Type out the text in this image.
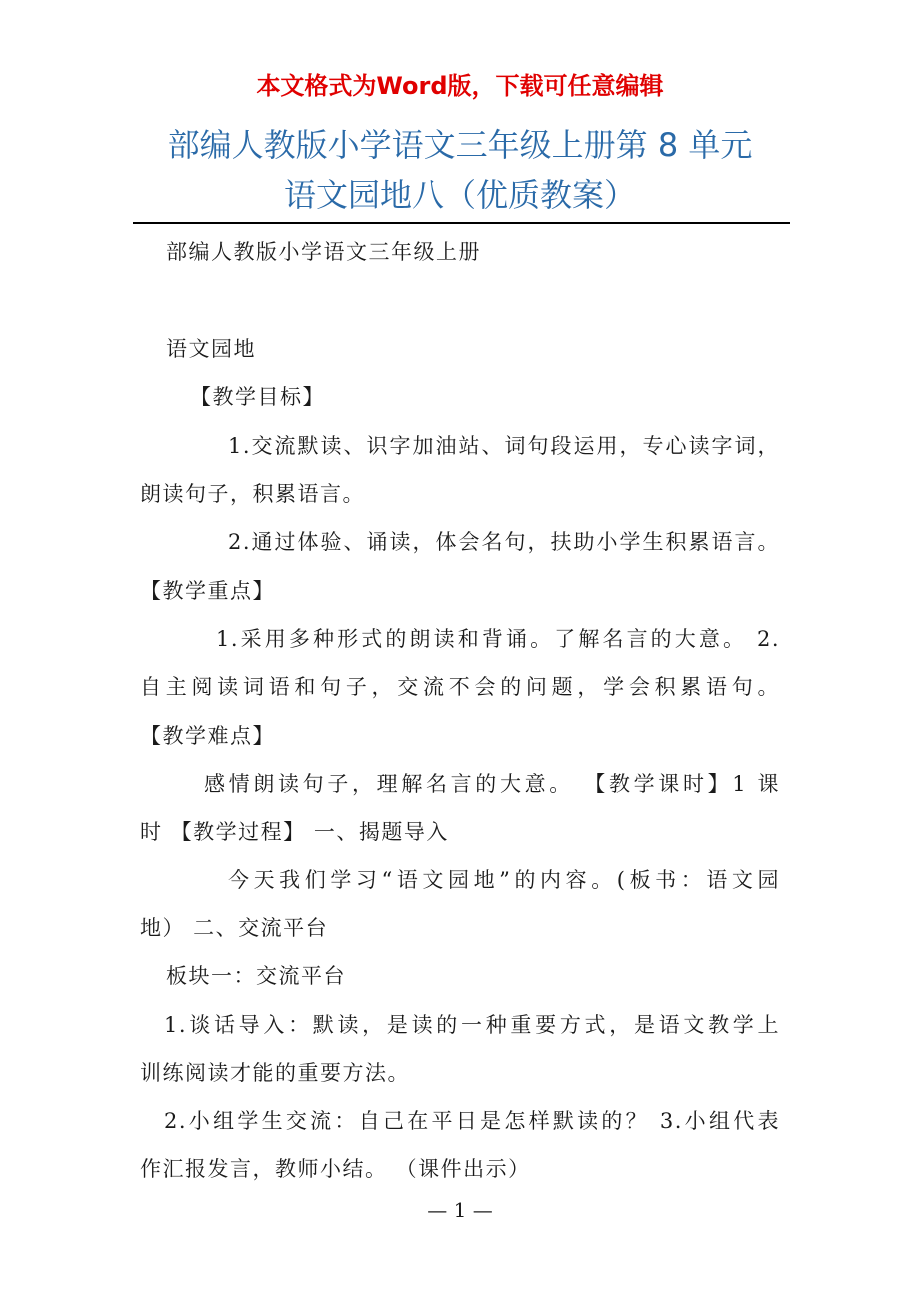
本文格式为Word版，下载可任意编辑
部编人教版小学语文三年级上册第 8 单元
语文园地八（优质教案）
部编人教版小学语文三年级上册
语文园地
【教学目标】
1.交流默读、识字加油站、词句段运用，专心读字词，
朗读句子，积累语言。
2.通过体验、诵读，体会名句，扶助小学生积累语言。
【教学重点】
1.采用多种形式的朗读和背诵。了解名言的大意。 2.
自主阅读词语和句子，交流不会的问题，学会积累语句。
【教学难点】
感情朗读句子，理解名言的大意。 【教学课时】1 课
时 【教学过程】 一、揭题导入
今天我们学习“语文园地”的内容。(板书：语文园
地） 二、交流平台
板块一：交流平台
1.谈话导入：默读，是读的一种重要方式，是语文教学上
训练阅读才能的重要方法。
2.小组学生交流：自己在平日是怎样默读的？ 3.小组代表
作汇报发言，教师小结。 （课件出示）
— 1 —
